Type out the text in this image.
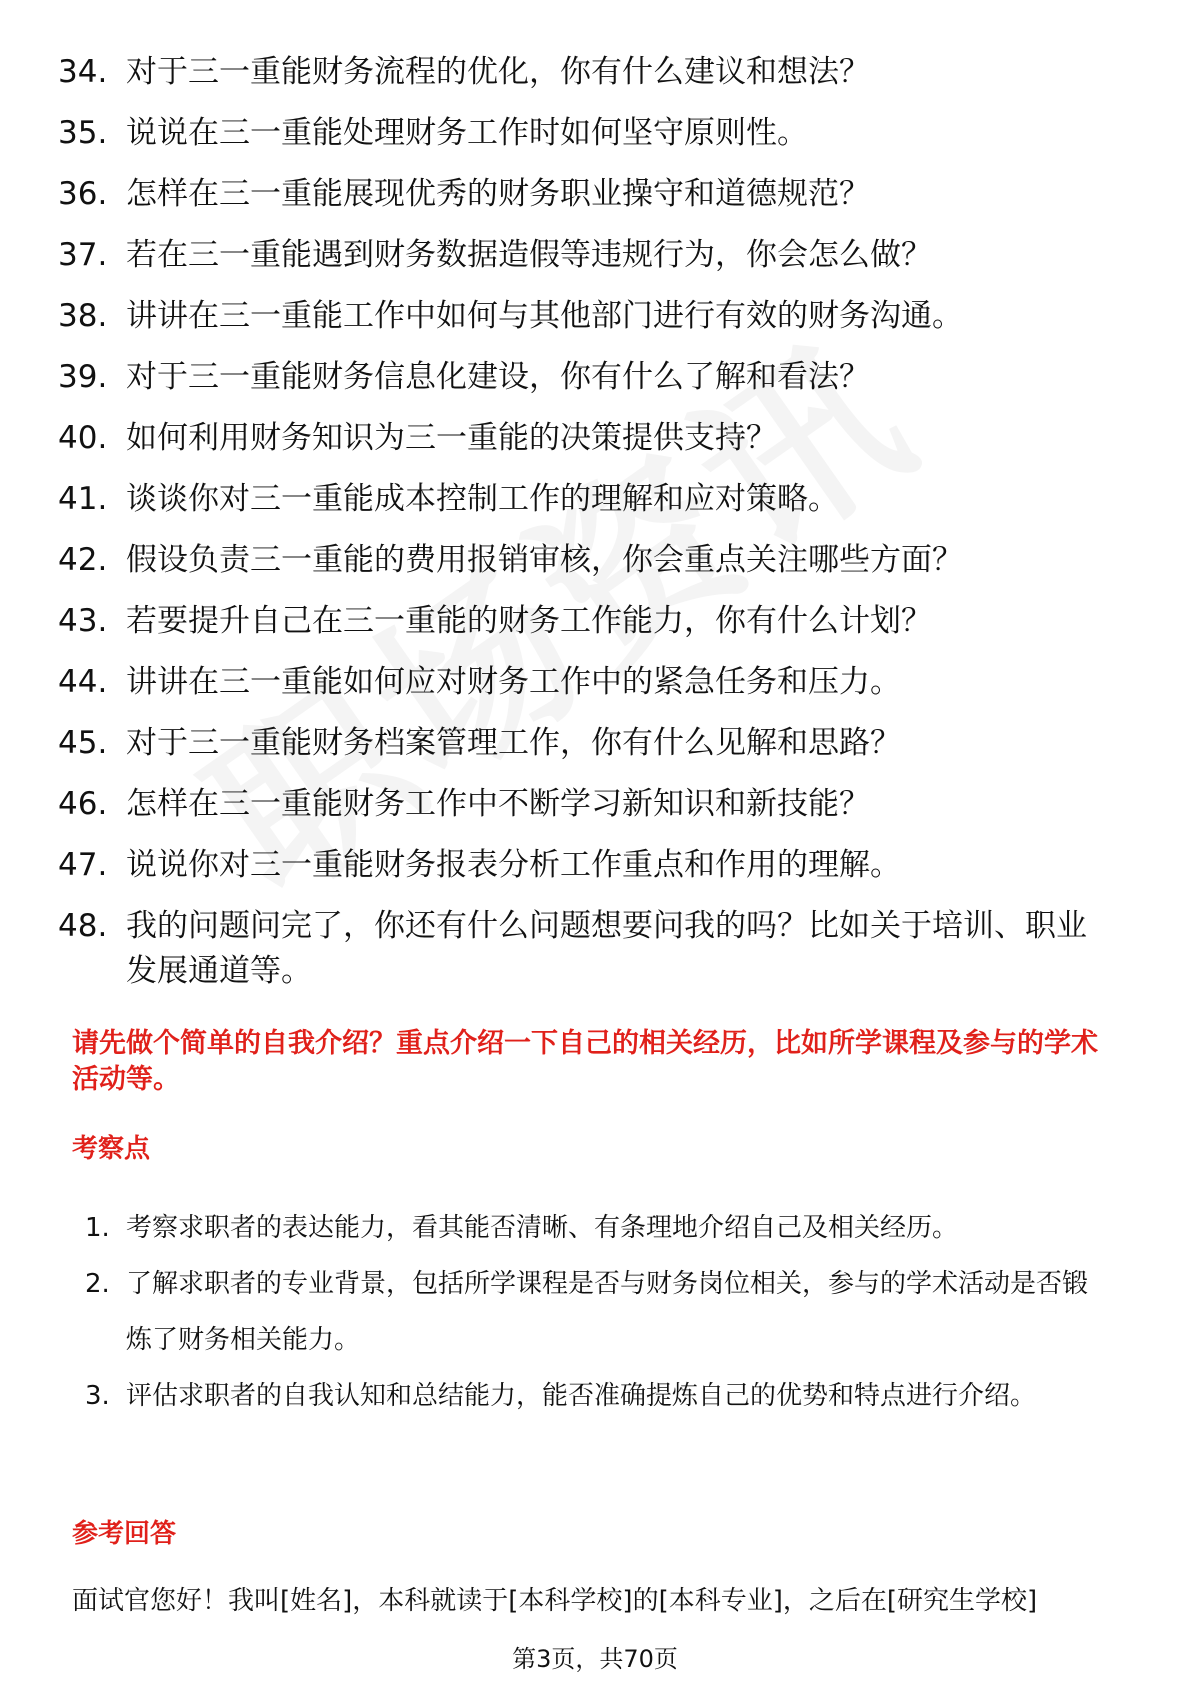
34. 对于三一重能财务流程的优化，你有什么建议和想法？
35. 说说在三一重能处理财务工作时如何坚守原则性。
36. 怎样在三一重能展现优秀的财务职业操守和道德规范？
37. 若在三一重能遇到财务数据造假等违规行为，你会怎么做？
38. 讲讲在三一重能工作中如何与其他部门进行有效的财务沟通。
39. 对于三一重能财务信息化建设，你有什么了解和看法？
40. 如何利用财务知识为三一重能的决策提供支持？
41. 谈谈你对三一重能成本控制工作的理解和应对策略。
42. 假设负责三一重能的费用报销审核，你会重点关注哪些方面？
43. 若要提升自己在三一重能的财务工作能力，你有什么计划？
44. 讲讲在三一重能如何应对财务工作中的紧急任务和压力。
45. 对于三一重能财务档案管理工作，你有什么见解和思路？
46. 怎样在三一重能财务工作中不断学习新知识和新技能？
47. 说说你对三一重能财务报表分析工作重点和作用的理解。
48. 我的问题问完了，你还有什么问题想要问我的吗？比如关于培训、职业发展通道等。
请先做个简单的自我介绍？重点介绍一下自己的相关经历，比如所学课程及参与的学术活动等。
考察点
1. 考察求职者的表达能力，看其能否清晰、有条理地介绍自己及相关经历。
2. 了解求职者的专业背景，包括所学课程是否与财务岗位相关，参与的学术活动是否锻炼了财务相关能力。
3. 评估求职者的自我认知和总结能力，能否准确提炼自己的优势和特点进行介绍。
参考回答
面试官您好！我叫[姓名]，本科就读于[本科学校]的[本科专业]，之后在[研究生学校]
第3页，共70页
